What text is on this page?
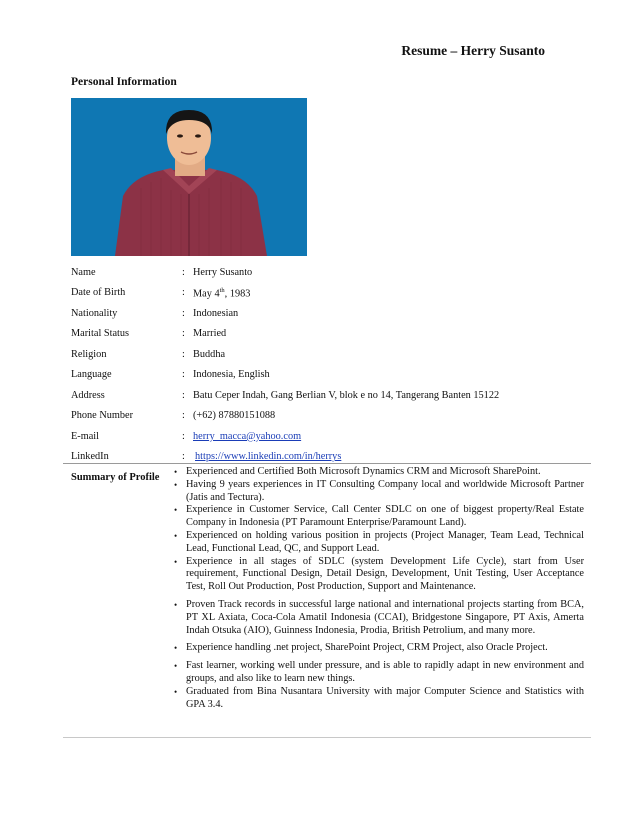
Resume – Herry Susanto
Personal Information
Name	: Herry Susanto
Date of Birth	: May 4th, 1983
Nationality	: Indonesian
Marital Status	: Married
Religion	: Buddha
Language	: Indonesia, English
Address	: Batu Ceper Indah, Gang Berlian V, blok e no 14, Tangerang Banten 15122
Phone Number	: (+62) 87880151088
E-mail	: herry_macca@yahoo.com
LinkedIn	: https://www.linkedin.com/in/herrys
Summary of Profile • Experienced and Certified Both Microsoft Dynamics CRM and Microsoft SharePoint.
• Having 9 years experiences in IT Consulting Company local and worldwide Microsoft Partner (Jatis and Tectura).
• Experience in Customer Service, Call Center SDLC on one of biggest property/Real Estate Company in Indonesia (PT Paramount Enterprise/Paramount Land).
• Experienced on holding various position in projects (Project Manager, Team Lead, Technical Lead, Functional Lead, QC, and Support Lead.
• Experience in all stages of SDLC (system Development Life Cycle), start from User requirement, Functional Design, Detail Design, Development, Unit Testing, User Acceptance Test, Roll Out Production, Post Production, Support and Maintenance.
• Proven Track records in successful large national and international projects starting from BCA, PT XL Axiata, Coca-Cola Amatil Indonesia (CCAI), Bridgestone Singapore, PT Axis, Amerta Indah Otsuka (AIO), Guinness Indonesia, Prodia, British Petrolium, and many more.
• Experience handling .net project, SharePoint Project, CRM Project, also Oracle Project.
• Fast learner, working well under pressure, and is able to rapidly adapt in new environment and groups, and also like to learn new things.
• Graduated from Bina Nusantara University with major Computer Science and Statistics with GPA 3.4.
